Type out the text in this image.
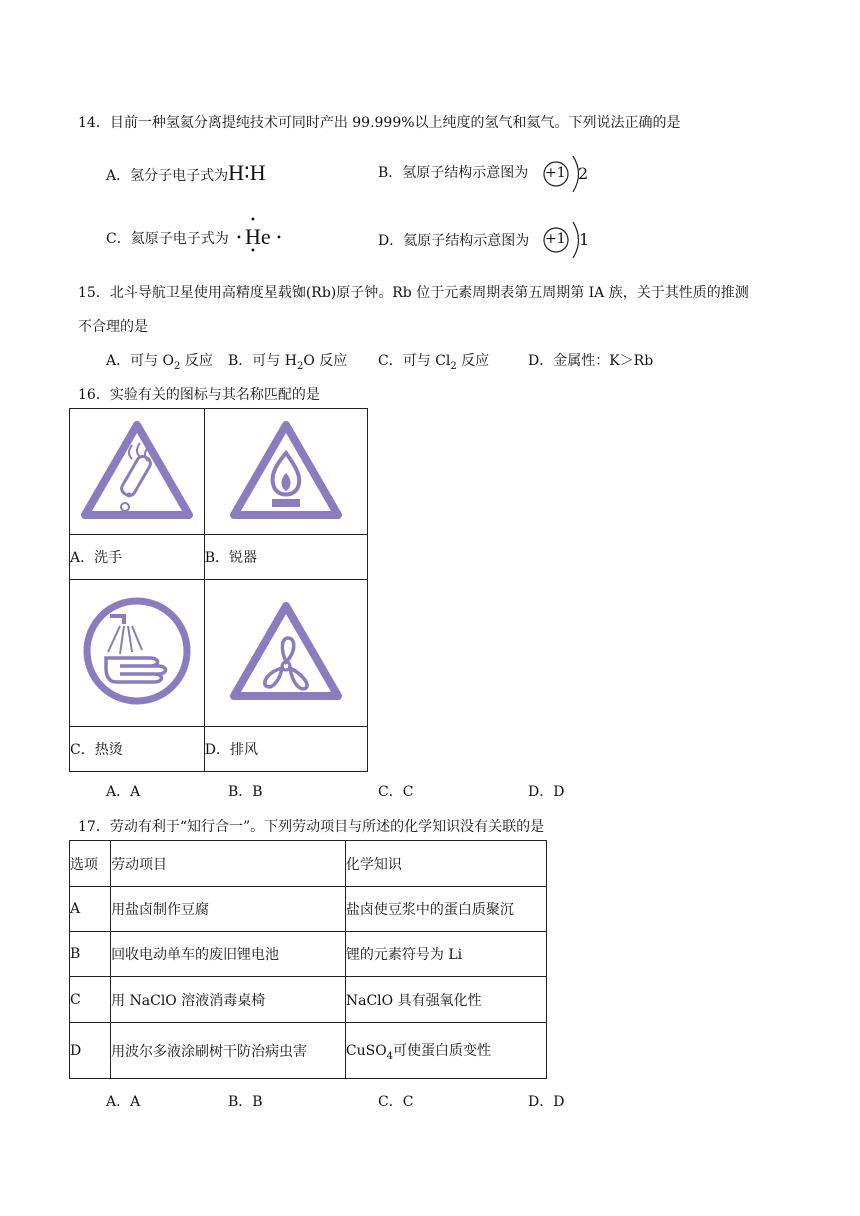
14．目前一种氢氦分离提纯技术可同时产出 99.999%以上纯度的氢气和氦气。下列说法正确的是
A．氢分子电子式为H∶H	B．氢原子结构示意图为 +1 2
C．氦原子电子式为 •
•
He
•
•	D．氦原子结构示意图为 +1 1
15．北斗导航卫星使用高精度星载铷(Rb)原子钟。Rb 位于元素周期表第五周期第 IA 族，关于其性质的推测
不合理的是
A．可与 $O_2$ 反应 B．可与 $H_2O$ 反应 C．可与 $Cl_2$ 反应	D．金属性：K＞Rb
16．实验有关的图标与其名称匹配的是

A．洗手	B．锐器

C．热烫	D．排风
A．A	B．B	C．C	D．D
17．劳动有利于“知行合一”。下列劳动项目与所述的化学知识没有关联的是
选项	劳动项目	化学知识
A	用盐卤制作豆腐	盐卤使豆浆中的蛋白质聚沉
B	回收电动单车的废旧锂电池	锂的元素符号为 Li
C	用 NaClO 溶液消毒桌椅	NaClO 具有强氧化性
D	用波尔多液涂刷树干防治病虫害	CuSO$_4$可使蛋白质变性
A．A	B．B	C．C	D．D
